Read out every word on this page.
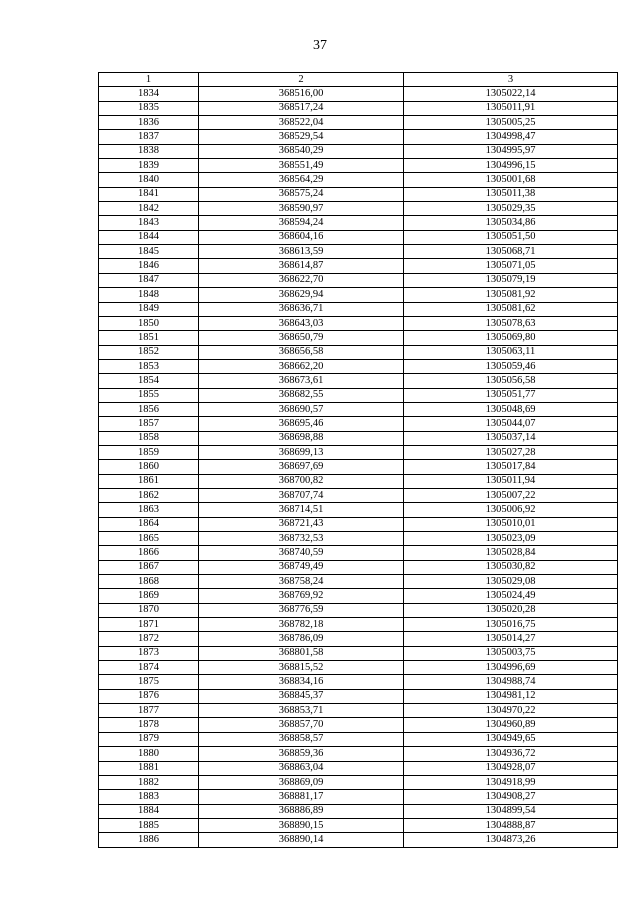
37
1	2	3
1834	368516,00	1305022,14
1835	368517,24	1305011,91
1836	368522,04	1305005,25
1837	368529,54	1304998,47
1838	368540,29	1304995,97
1839	368551,49	1304996,15
1840	368564,29	1305001,68
1841	368575,24	1305011,38
1842	368590,97	1305029,35
1843	368594,24	1305034,86
1844	368604,16	1305051,50
1845	368613,59	1305068,71
1846	368614,87	1305071,05
1847	368622,70	1305079,19
1848	368629,94	1305081,92
1849	368636,71	1305081,62
1850	368643,03	1305078,63
1851	368650,79	1305069,80
1852	368656,58	1305063,11
1853	368662,20	1305059,46
1854	368673,61	1305056,58
1855	368682,55	1305051,77
1856	368690,57	1305048,69
1857	368695,46	1305044,07
1858	368698,88	1305037,14
1859	368699,13	1305027,28
1860	368697,69	1305017,84
1861	368700,82	1305011,94
1862	368707,74	1305007,22
1863	368714,51	1305006,92
1864	368721,43	1305010,01
1865	368732,53	1305023,09
1866	368740,59	1305028,84
1867	368749,49	1305030,82
1868	368758,24	1305029,08
1869	368769,92	1305024,49
1870	368776,59	1305020,28
1871	368782,18	1305016,75
1872	368786,09	1305014,27
1873	368801,58	1305003,75
1874	368815,52	1304996,69
1875	368834,16	1304988,74
1876	368845,37	1304981,12
1877	368853,71	1304970,22
1878	368857,70	1304960,89
1879	368858,57	1304949,65
1880	368859,36	1304936,72
1881	368863,04	1304928,07
1882	368869,09	1304918,99
1883	368881,17	1304908,27
1884	368886,89	1304899,54
1885	368890,15	1304888,87
1886	368890,14	1304873,26
